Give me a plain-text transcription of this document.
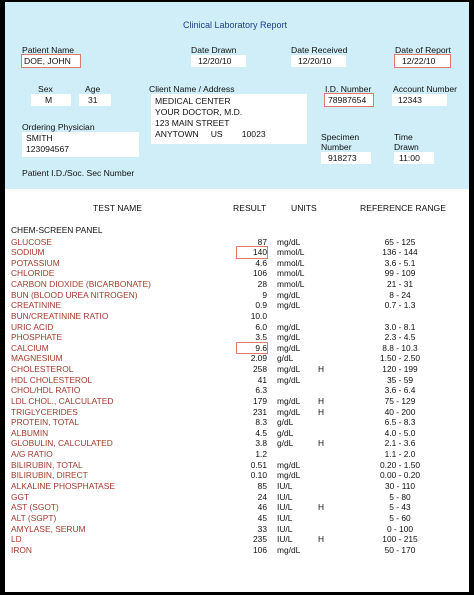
Clinical Laboratory Report
Patient Name
DOE, JOHN
Date Drawn
12/20/10
Date Received
12/20/10
Date of Report
12/22/10
Sex
M
Age
31
Client Name / Address
MEDICAL CENTER
YOUR DOCTOR, M.D.
123 MAIN STREET
ANYTOWN     US        10023
I.D. Number
78987654
Account Number
12343
Ordering Physician
SMITH
123094567
Specimen
Number
918273
Time
Drawn
11:00
Patient I.D./Soc. Sec Number
TEST NAME	RESULT	UNITS	REFERENCE RANGE
CHEM-SCREEN PANEL
GLUCOSE	87 mg/dL	65 - 125
SODIUM	140 mmol/L	136 - 144
POTASSIUM	4.6 mmol/L	3.6 - 5.1
CHLORIDE	106 mmol/L	99 - 109
CARBON DIOXIDE (BICARBONATE)	28 mmol/L	21 - 31
BUN (BLOOD UREA NITROGEN)	9 mg/dL	8 - 24
CREATININE	0.9 mg/dL	0.7 - 1.3
BUN/CREATININE RATIO	10.0
URIC ACID	6.0 mg/dL	3.0 - 8.1
PHOSPHATE	3.5 mg/dL	2.3 - 4.5
CALCIUM	9.6 mg/dL	8.8 - 10.3
MAGNESIUM	2.09 g/dL	1.50 - 2.50
CHOLESTEROL	258 mg/dL H	120 - 199
HDL CHOLESTEROL	41 mg/dL	35 - 59
CHOL/HDL RATIO	6.3	3.6 - 6.4
LDL CHOL., CALCULATED	179 mg/dL H	75 - 129
TRIGLYCERIDES	231 mg/dL H	40 - 200
PROTEIN, TOTAL	8.3 g/dL	6.5 - 8.3
ALBUMIN	4.5 g/dL	4.0 - 5.0
GLOBULIN, CALCULATED	3.8 g/dL	H	2.1 - 3.6
A/G RATIO	1.2	1.1 - 2.0
BILIRUBIN, TOTAL	0.51 mg/dL	0.20 - 1.50
BILIRUBIN, DIRECT	0.10 mg/dL	0.00 - 0.20
ALKALINE PHOSPHATASE	85 IU/L	30 - 110
GGT	24 IU/L	5 - 80
AST (SGOT)	46 IU/L	H	5 - 43
ALT (SGPT)	45 IU/L	5 - 60
AMYLASE, SERUM	33 IU/L	0 - 100
LD	235 IU/L	H	100 - 215
IRON	106 mg/dL	50 - 170
